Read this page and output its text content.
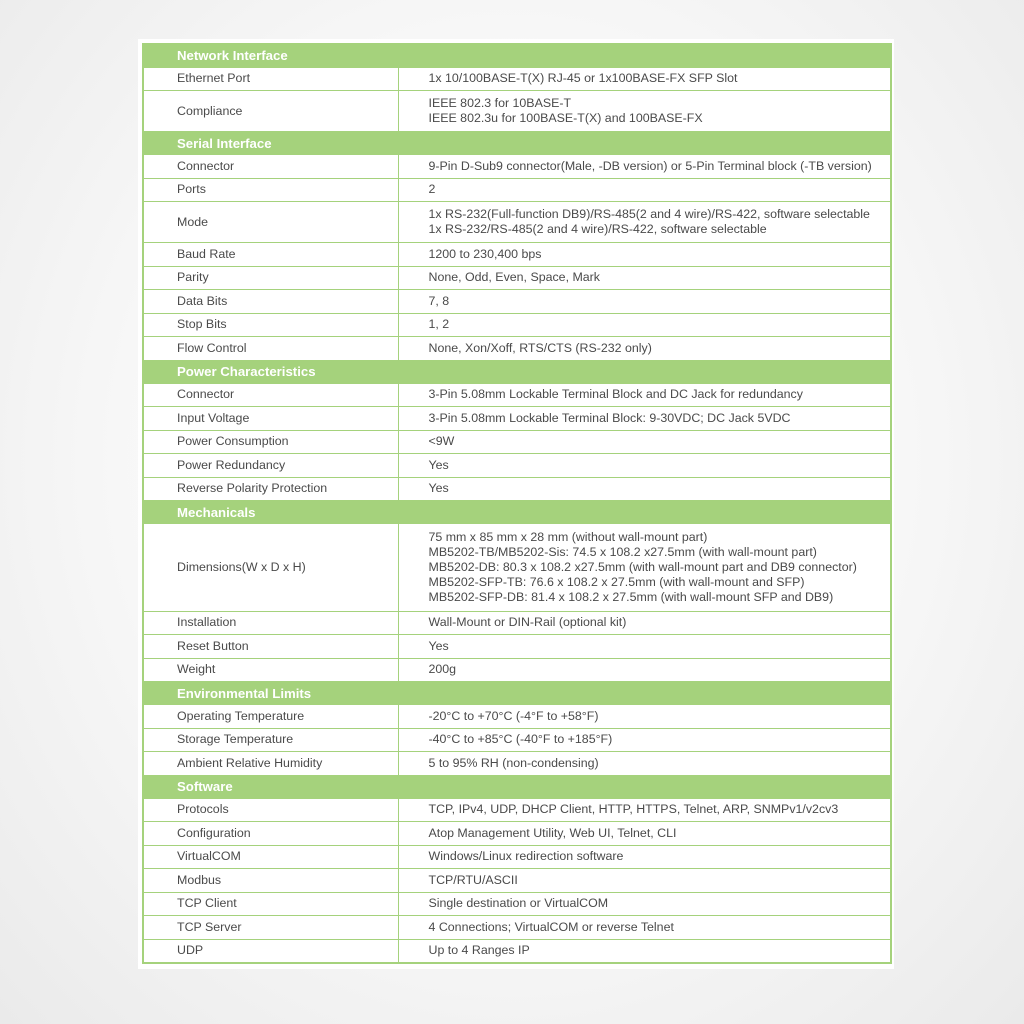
Network Interface	
Ethernet Port	1x 10/100BASE-T(X) RJ-45 or 1x100BASE-FX SFP Slot

Compliance	IEEE 802.3 for 10BASE-T
IEEE 802.3u for 100BASE-T(X) and 100BASE-FX

Serial Interface	
Connector	9-Pin D-Sub9 connector(Male, -DB version) or 5-Pin Terminal block (-TB version)

Ports	2

Mode	1x RS-232(Full-function DB9)/RS-485(2 and 4 wire)/RS-422, software selectable
1x RS-232/RS-485(2 and 4 wire)/RS-422, software selectable

Baud Rate	1200 to 230,400 bps

Parity	None, Odd, Even, Space, Mark

Data Bits	7, 8

Stop Bits	1, 2

Flow Control	None, Xon/Xoff, RTS/CTS (RS-232 only)

Power Characteristics	
Connector	3-Pin 5.08mm Lockable Terminal Block and DC Jack for redundancy

Input Voltage	3-Pin 5.08mm Lockable Terminal Block: 9-30VDC; DC Jack 5VDC

Power Consumption	<9W

Power Redundancy	Yes

Reverse Polarity Protection	Yes

Mechanicals	
Dimensions(W x D x H)	75 mm x 85 mm x 28 mm (without wall-mount part)
MB5202-TB/MB5202-Sis: 74.5 x 108.2 x27.5mm (with wall-mount part)
MB5202-DB: 80.3 x 108.2 x27.5mm (with wall-mount part and DB9 connector)
MB5202-SFP-TB: 76.6 x 108.2 x 27.5mm (with wall-mount and SFP)
MB5202-SFP-DB: 81.4 x 108.2 x 27.5mm (with wall-mount SFP and DB9)

Installation	Wall-Mount or DIN-Rail (optional kit)

Reset Button	Yes

Weight	200g

Environmental Limits	
Operating Temperature	-20°C to +70°C (-4°F to +58°F)

Storage Temperature	-40°C to +85°C (-40°F to +185°F)

Ambient Relative Humidity	5 to 95% RH (non-condensing)

Software	
Protocols	TCP, IPv4, UDP, DHCP Client, HTTP, HTTPS, Telnet, ARP, SNMPv1/v2cv3

Configuration	Atop Management Utility, Web UI, Telnet, CLI

VirtualCOM	Windows/Linux redirection software

Modbus	TCP/RTU/ASCII

TCP Client	Single destination or VirtualCOM

TCP Server	4 Connections; VirtualCOM or reverse Telnet

UDP	Up to 4 Ranges IP
